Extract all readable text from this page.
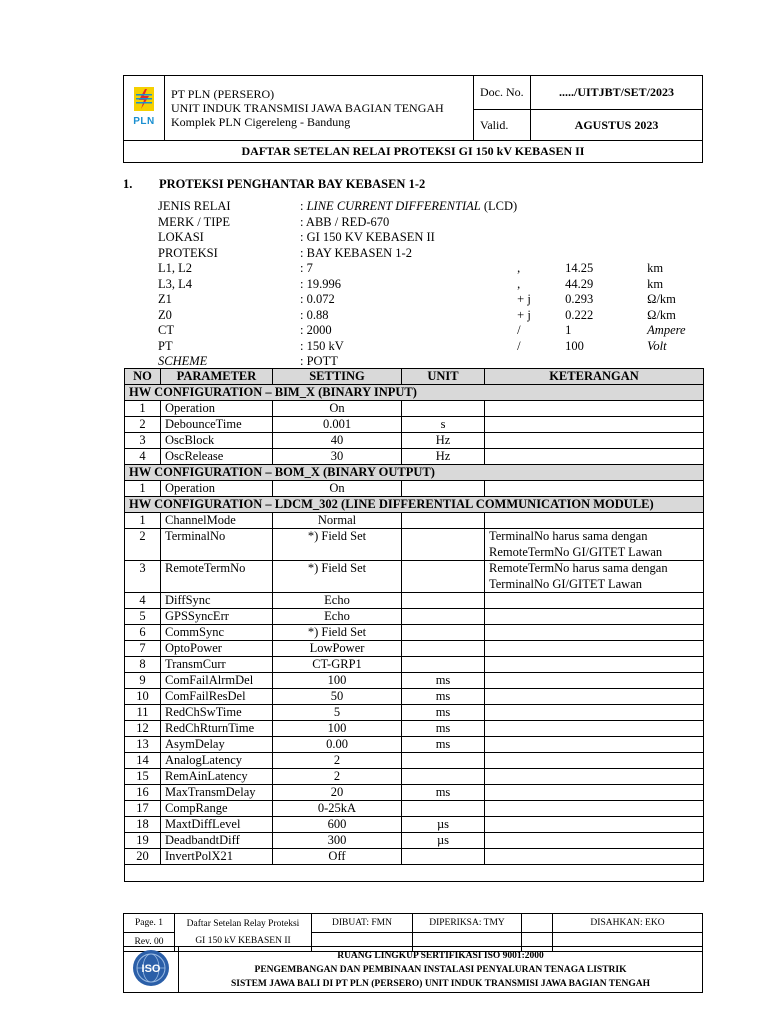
PLN	PT PLN (PERSERO)
UNIT INDUK TRANSMISI JAWA BAGIAN TENGAH
Komplek PLN Cigereleng - Bandung	Doc. No.	...../UITJBT/SET/2023
		Valid.	AGUSTUS 2023
DAFTAR SETELAN RELAI PROTEKSI GI 150 kV KEBASEN II			
1. PROTEKSI PENGHANTAR BAY KEBASEN 1-2
JENIS RELAI	: LINE CURRENT DIFFERENTIAL (LCD)			
MERK / TIPE	: ABB / RED-670			
LOKASI	: GI 150 KV KEBASEN II			
PROTEKSI	: BAY KEBASEN 1-2			
L1, L2	: 7	,	14.25	km
L3, L4	: 19.996	,	44.29	km
Z1	: 0.072	+ j	0.293	Ω/km
Z0	: 0.88	+ j	0.222	Ω/km
CT	: 2000	/	1	Ampere
PT	: 150 kV	/	100	Volt
SCHEME	: POTT			
NO	PARAMETER	SETTING	UNIT	KETERANGAN
HW CONFIGURATION – BIM_X (BINARY INPUT)				
1	Operation	On		
2	DebounceTime	0.001	s	
3	OscBlock	40	Hz	
4	OscRelease	30	Hz	
HW CONFIGURATION – BOM_X (BINARY OUTPUT)				
1	Operation	On		
HW CONFIGURATION – LDCM_302 (LINE DIFFERENTIAL COMMUNICATION MODULE)				
1	ChannelMode	Normal		
2	TerminalNo	*) Field Set		TerminalNo harus sama dengan RemoteTermNo GI/GITET Lawan
3	RemoteTermNo	*) Field Set		RemoteTermNo harus sama dengan TerminalNo GI/GITET Lawan
4	DiffSync	Echo		
5	GPSSyncErr	Echo		
6	CommSync	*) Field Set		
7	OptoPower	LowPower		
8	TransmCurr	CT-GRP1		
9	ComFailAlrmDel	100	ms	
10	ComFailResDel	50	ms	
11	RedChSwTime	5	ms	
12	RedChRturnTime	100	ms	
13	AsymDelay	0.00	ms	
14	AnalogLatency	2		
15	RemAinLatency	2		
16	MaxTransmDelay	20	ms	
17	CompRange	0-25kA		
18	MaxtDiffLevel	600	µs	
19	DeadbandtDiff	300	µs	
20	InvertPolX21	Off		

Page. 1	Daftar Setelan Relay Proteksi
GI 150 kV KEBASEN II	DIBUAT: FMN	DIPERIKSA: TMY		DISAHKAN: EKO
Rev. 00					
ISO

RUANG LINGKUP SERTIFIKASI ISO 9001:2000
PENGEMBANGAN DAN PEMBINAAN INSTALASI PENYALURAN TENAGA LISTRIK
SISTEM JAWA BALI DI PT PLN (PERSERO) UNIT INDUK TRANSMISI JAWA BAGIAN TENGAH
